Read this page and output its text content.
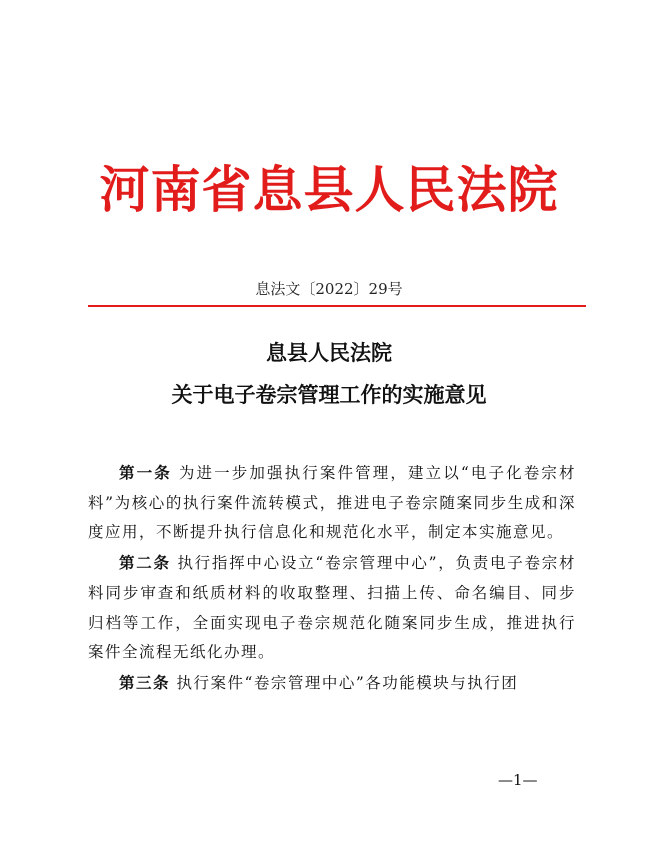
河南省息县人民法院
息法文〔2022〕29号
息县人民法院
关于电子卷宗管理工作的实施意见

第一条 为进一步加强执行案件管理，建立以“电子化卷宗材料”为核心的执行案件流转模式，推进电子卷宗随案同步生成和深度应用，不断提升执行信息化和规范化水平，制定本实施意见。

第二条 执行指挥中心设立“卷宗管理中心”，负责电子卷宗材料同步审查和纸质材料的收取整理、扫描上传、命名编目、同步归档等工作，全面实现电子卷宗规范化随案同步生成，推进执行案件全流程无纸化办理。

第三条 执行案件“卷宗管理中心”各功能模块与执行团

—1—
